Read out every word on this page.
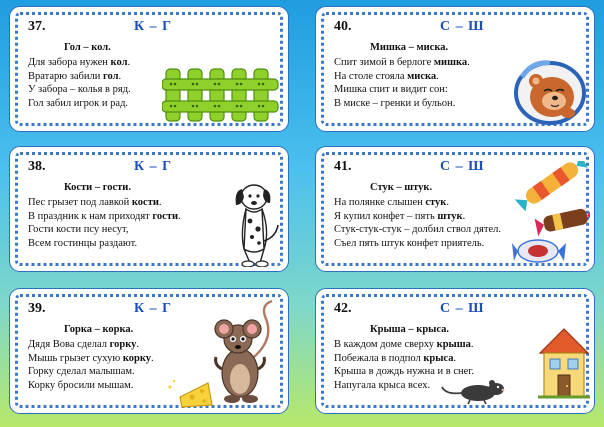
37.	К – Г
Гол – кол.
Для забора нужен кол.
Вратарю забили гол.
У забора – колья в ряд.
Гол забил игрок и рад.
40.	С – Ш
Мишка – миска.
Спит зимой в берлоге мишка.
На столе стояла миска.
Мишка спит и видит сон:
В миске – гренки и бульон.
38.	К – Г
Кости – гости.
Пес грызет под лавкой кости.
В праздник к нам приходят гости.
Гости кости псу несут,
Всем гостинцы раздают.
41.	С – Ш
Стук – штук.
На полянке слышен стук.
Я купил конфет – пять штук.
Стук-стук-стук – долбил ствол дятел.
Съел пять штук конфет приятель.
39.	К – Г
Горка – корка.
Дядя Вова сделал горку.
Мышь грызет сухую корку.
Горку сделал малышам.
Корку бросили мышам.
42.	С – Ш
Крыша – крыса.
В каждом доме сверху крыша.
Побежала в подпол крыса.
Крыша в дождь нужна и в снег.
Напугала крыса всех.
